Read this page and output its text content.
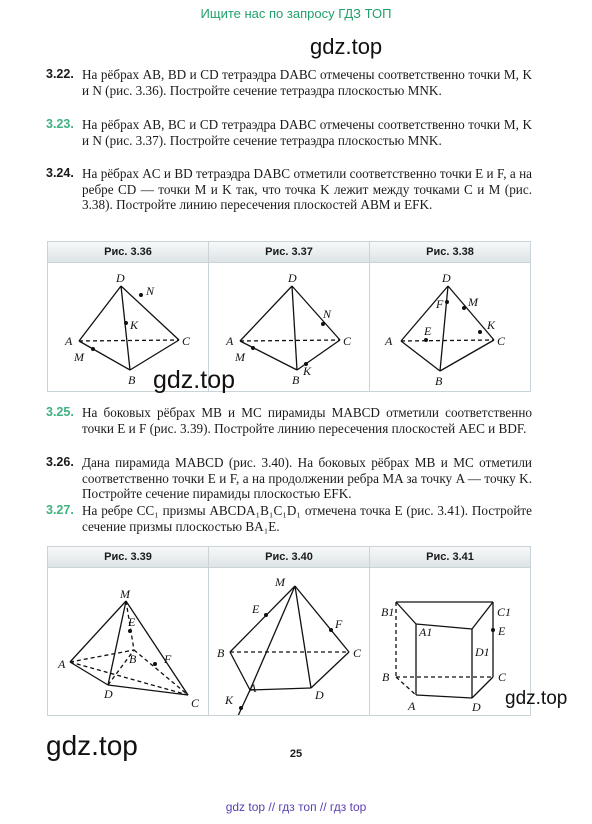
Ищите нас по запросу ГДЗ ТОП
gdz.top
3.22. На рёбрах AB, BD и CD тетраэдра DABC отмечены соответственно точки M, K и N (рис. 3.36). Постройте сечение тетраэдра плоскостью MNK.
3.23. На рёбрах AB, BC и CD тетраэдра DABC отмечены соответственно точки M, K и N (рис. 3.37). Постройте сечение тетраэдра плоскостью MNK.
3.24. На рёбрах AC и BD тетраэдра DABC отметили соответственно точки E и F, а на ребре CD — точки M и K так, что точка K лежит между точками C и M (рис. 3.38). Постройте линию пересечения плоскостей ABM и EFK.
Рис. 3.36	Рис. 3.37	Рис. 3.38
D
N
K
A	C
M
B
D
N
A	C
M
K
B
D
F M
K
E
A	C
B
gdz.top
3.25. На боковых рёбрах MB и MC пирамиды MABCD отметили соответственно точки E и F (рис. 3.39). Постройте линию пересечения плоскостей AEC и BDF.
3.26. Дана пирамида MABCD (рис. 3.40). На боковых рёбрах MB и MC отметили соответственно точки E и F, а на продолжении ребра MA за точку A — точку K. Постройте сечение пирамиды плоскостью EFK.
3.27. На ребре CC₁ призмы ABCDA₁B₁C₁D₁ отмечена точка E (рис. 3.41). Постройте сечение призмы плоскостью BA₁E.
Рис. 3.39	Рис. 3.40	Рис. 3.41
M
E
F
B
A
D
C
M
E
F
B	C
A	D
K
B1	C1
A1	E
D1
B	C
A	D gdz.top
gdz.top	25
gdz top // гдз топ // гдз top
